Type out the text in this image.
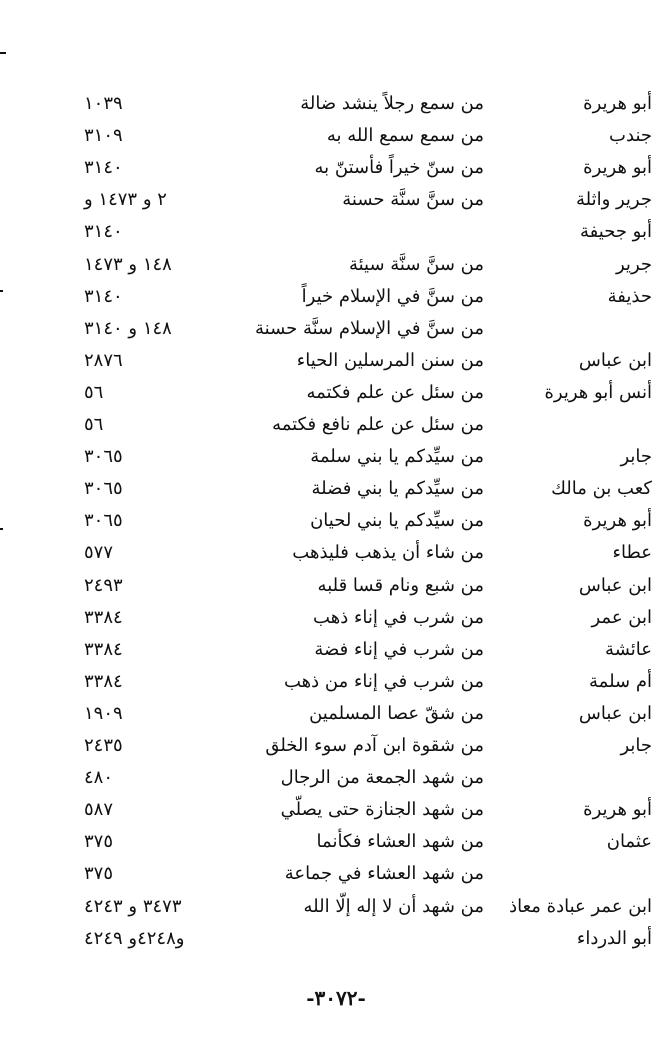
أبو هريرة
من سمع رجلاً ينشد ضالة
١٠٣٩
جندب
من سمع سمع الله به
٣١٠٩
أبو هريرة
من سنّ خيراً فأستنّ به
٣١٤٠
جرير واثلة
من سنَّ سنَّة حسنة
٢ و ١٤٧٣ و
أبو جحيفة
٣١٤٠
جرير
من سنَّ سنَّة سيئة
١٤٨ و ١٤٧٣
حذيفة
من سنَّ في الإسلام خيراً
٣١٤٠
من سنَّ في الإسلام سنَّة حسنة
١٤٨ و ٣١٤٠
ابن عباس
من سنن المرسلين الحياء
٢٨٧٦
أنس أبو هريرة
من سئل عن علم فكتمه
٥٦
من سئل عن علم نافع فكتمه
٥٦
جابر
من سيِّدكم يا بني سلمة
٣٠٦٥
كعب بن مالك
من سيِّدكم يا بني فضلة
٣٠٦٥
أبو هريرة
من سيِّدكم يا بني لحيان
٣٠٦٥
عطاء
من شاء أن يذهب فليذهب
٥٧٧
ابن عباس
من شبع ونام قسا قلبه
٢٤٩٣
ابن عمر
من شرب في إناء ذهب
٣٣٨٤
عائشة
من شرب في إناء فضة
٣٣٨٤
أم سلمة
من شرب في إناء من ذهب
٣٣٨٤
ابن عباس
من شقّ عصا المسلمين
١٩٠٩
جابر
من شقوة ابن آدم سوء الخلق
٢٤٣٥
من شهد الجمعة من الرجال
٤٨٠
أبو هريرة
من شهد الجنازة حتى يصلّي
٥٨٧
عثمان
من شهد العشاء فكأنما
٣٧٥
من شهد العشاء في جماعة
٣٧٥
ابن عمر عبادة معاذ
من شهد أن لا إله إلّا الله
٣٤٧٣ و ٤٢٤٣
أبو الدرداء
و٤٢٤٨و ٤٢٤٩
-٣٠٧٢-
